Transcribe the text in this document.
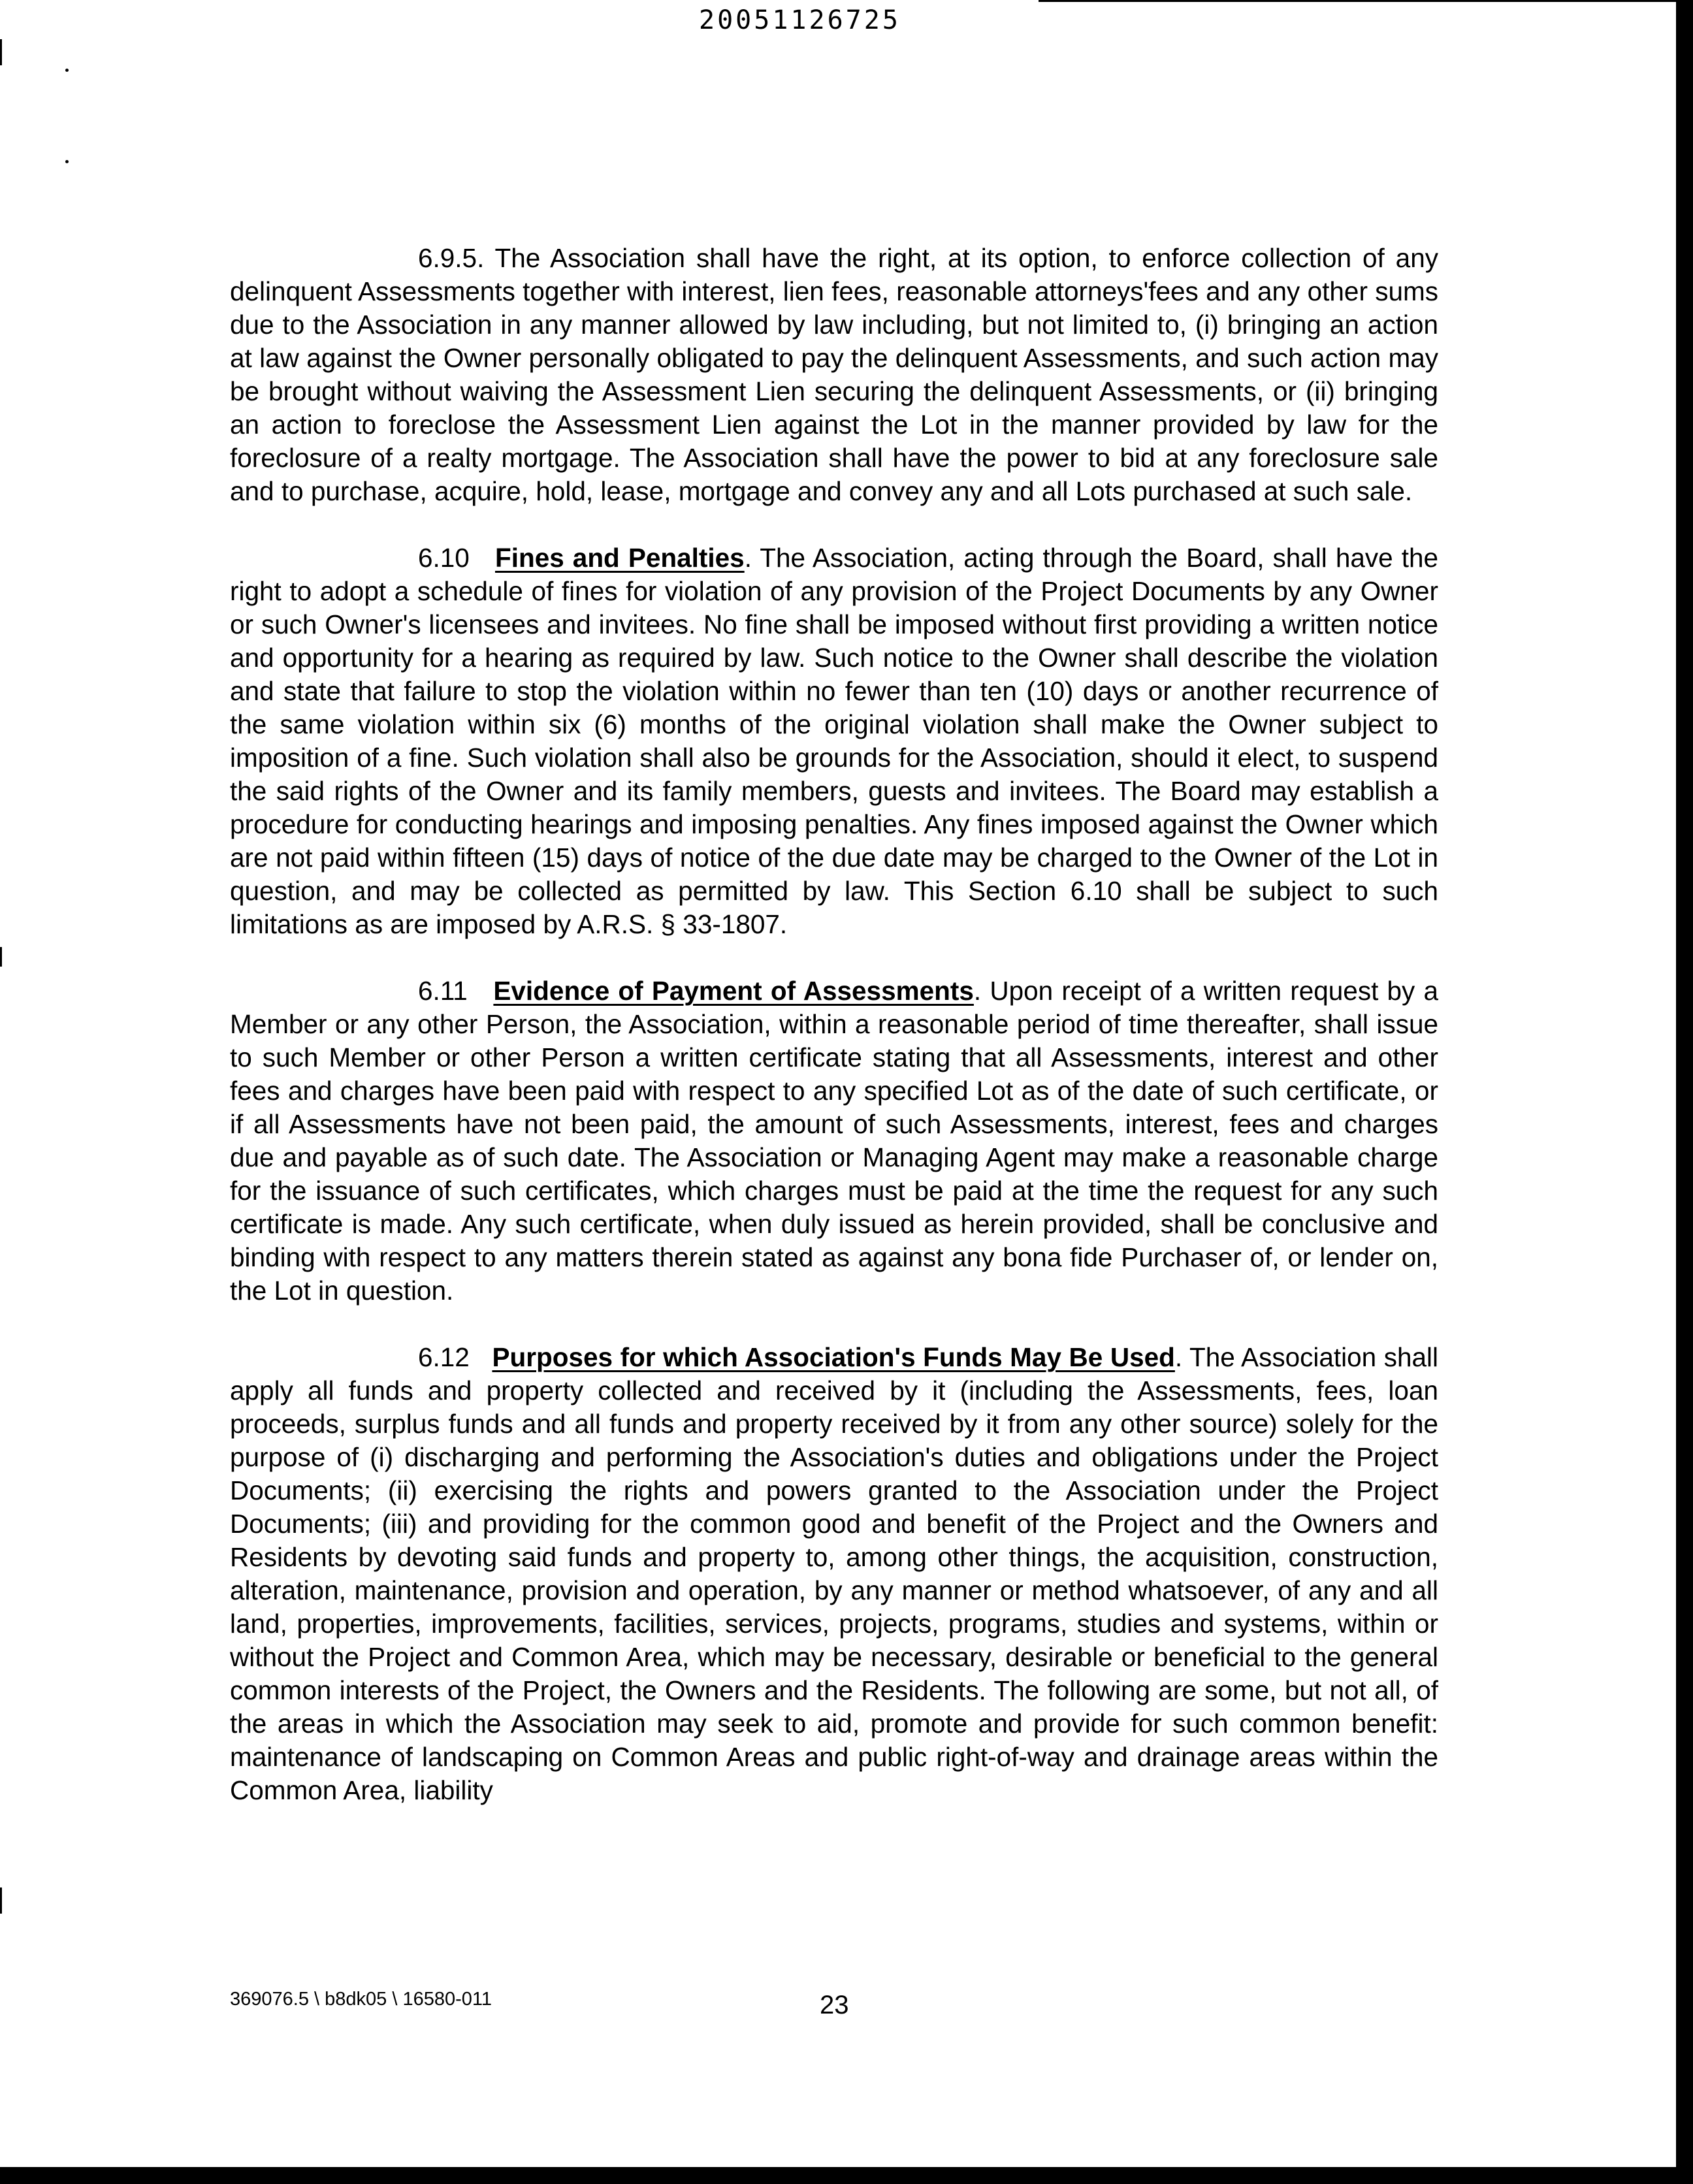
20051126725

6.9.5. The Association shall have the right, at its option, to enforce collection of any delinquent Assessments together with interest, lien fees, reasonable attorneys'fees and any other sums due to the Association in any manner allowed by law including, but not limited to, (i) bringing an action at law against the Owner personally obligated to pay the delinquent Assessments, and such action may be brought without waiving the Assessment Lien securing the delinquent Assessments, or (ii) bringing an action to foreclose the Assessment Lien against the Lot in the manner provided by law for the foreclosure of a realty mortgage. The Association shall have the power to bid at any foreclosure sale and to purchase, acquire, hold, lease, mortgage and convey any and all Lots purchased at such sale.

6.10 Fines and Penalties. The Association, acting through the Board, shall have the right to adopt a schedule of fines for violation of any provision of the Project Documents by any Owner or such Owner's licensees and invitees. No fine shall be imposed without first providing a written notice and opportunity for a hearing as required by law. Such notice to the Owner shall describe the violation and state that failure to stop the violation within no fewer than ten (10) days or another recurrence of the same violation within six (6) months of the original violation shall make the Owner subject to imposition of a fine. Such violation shall also be grounds for the Association, should it elect, to suspend the said rights of the Owner and its family members, guests and invitees. The Board may establish a procedure for conducting hearings and imposing penalties. Any fines imposed against the Owner which are not paid within fifteen (15) days of notice of the due date may be charged to the Owner of the Lot in question, and may be collected as permitted by law. This Section 6.10 shall be subject to such limitations as are imposed by A.R.S. § 33-1807.

6.11 Evidence of Payment of Assessments. Upon receipt of a written request by a Member or any other Person, the Association, within a reasonable period of time thereafter, shall issue to such Member or other Person a written certificate stating that all Assessments, interest and other fees and charges have been paid with respect to any specified Lot as of the date of such certificate, or if all Assessments have not been paid, the amount of such Assessments, interest, fees and charges due and payable as of such date. The Association or Managing Agent may make a reasonable charge for the issuance of such certificates, which charges must be paid at the time the request for any such certificate is made. Any such certificate, when duly issued as herein provided, shall be conclusive and binding with respect to any matters therein stated as against any bona fide Purchaser of, or lender on, the Lot in question.

6.12 Purposes for which Association's Funds May Be Used. The Association shall apply all funds and property collected and received by it (including the Assessments, fees, loan proceeds, surplus funds and all funds and property received by it from any other source) solely for the purpose of (i) discharging and performing the Association's duties and obligations under the Project Documents; (ii) exercising the rights and powers granted to the Association under the Project Documents; (iii) and providing for the common good and benefit of the Project and the Owners and Residents by devoting said funds and property to, among other things, the acquisition, construction, alteration, maintenance, provision and operation, by any manner or method whatsoever, of any and all land, properties, improvements, facilities, services, projects, programs, studies and systems, within or without the Project and Common Area, which may be necessary, desirable or beneficial to the general common interests of the Project, the Owners and the Residents. The following are some, but not all, of the areas in which the Association may seek to aid, promote and provide for such common benefit: maintenance of landscaping on Common Areas and public right-of-way and drainage areas within the Common Area, liability

369076.5 \ b8dk05 \ 16580-011	23
